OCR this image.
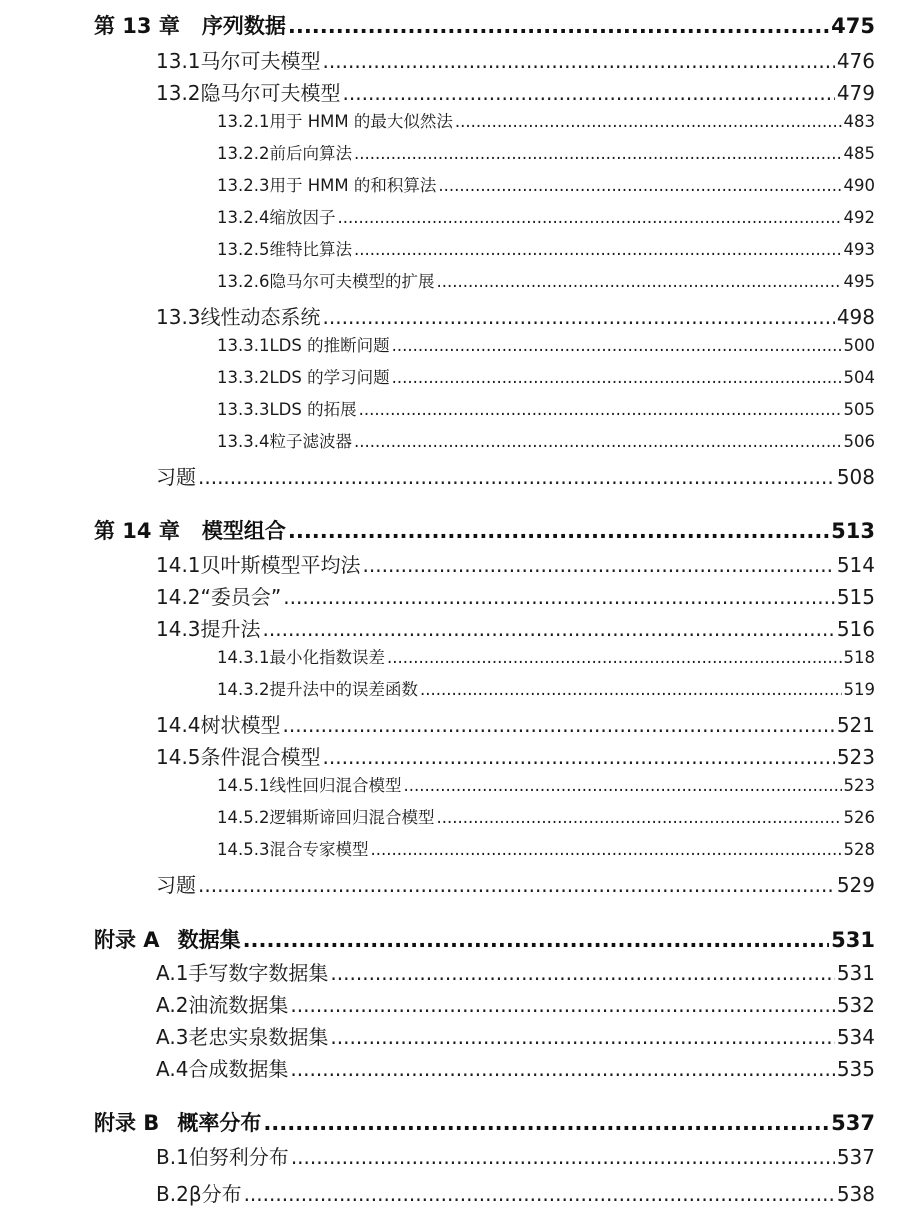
第 13 章 序列数据 .....	475
13.1 马尔可夫模型 .....	476
13.2 隐马尔可夫模型 .....	479
13.2.1 用于 HMM 的最大似然法 .....	483
13.2.2 前后向算法 .....	485
13.2.3 用于 HMM 的和积算法 .....	490
13.2.4 缩放因子 .....	492
13.2.5 维特比算法 .....	493
13.2.6 隐马尔可夫模型的扩展 .....	495
13.3 线性动态系统 .....	498
13.3.1 LDS 的推断问题 .....	500
13.3.2 LDS 的学习问题 .....	504
13.3.3 LDS 的拓展 .....	505
13.3.4 粒子滤波器 .....	506
习题 .....	508
第 14 章 模型组合 .....	513
14.1 贝叶斯模型平均法 .....	514
14.2 “委员会” .....	515
14.3 提升法 .....	516
14.3.1 最小化指数误差 .....	518
14.3.2 提升法中的误差函数 .....	519
14.4 树状模型 .....	521
14.5 条件混合模型 .....	523
14.5.1 线性回归混合模型 .....	523
14.5.2 逻辑斯谛回归混合模型 .....	526
14.5.3 混合专家模型 .....	528
习题 .....	529
附录 A 数据集 .....	531
A.1 手写数字数据集 .....	531
A.2 油流数据集 .....	532
A.3 老忠实泉数据集 .....	534
A.4 合成数据集 .....	535
附录 B 概率分布 .....	537
B.1 伯努利分布 .....	537
B.2 β分布 .....	538
